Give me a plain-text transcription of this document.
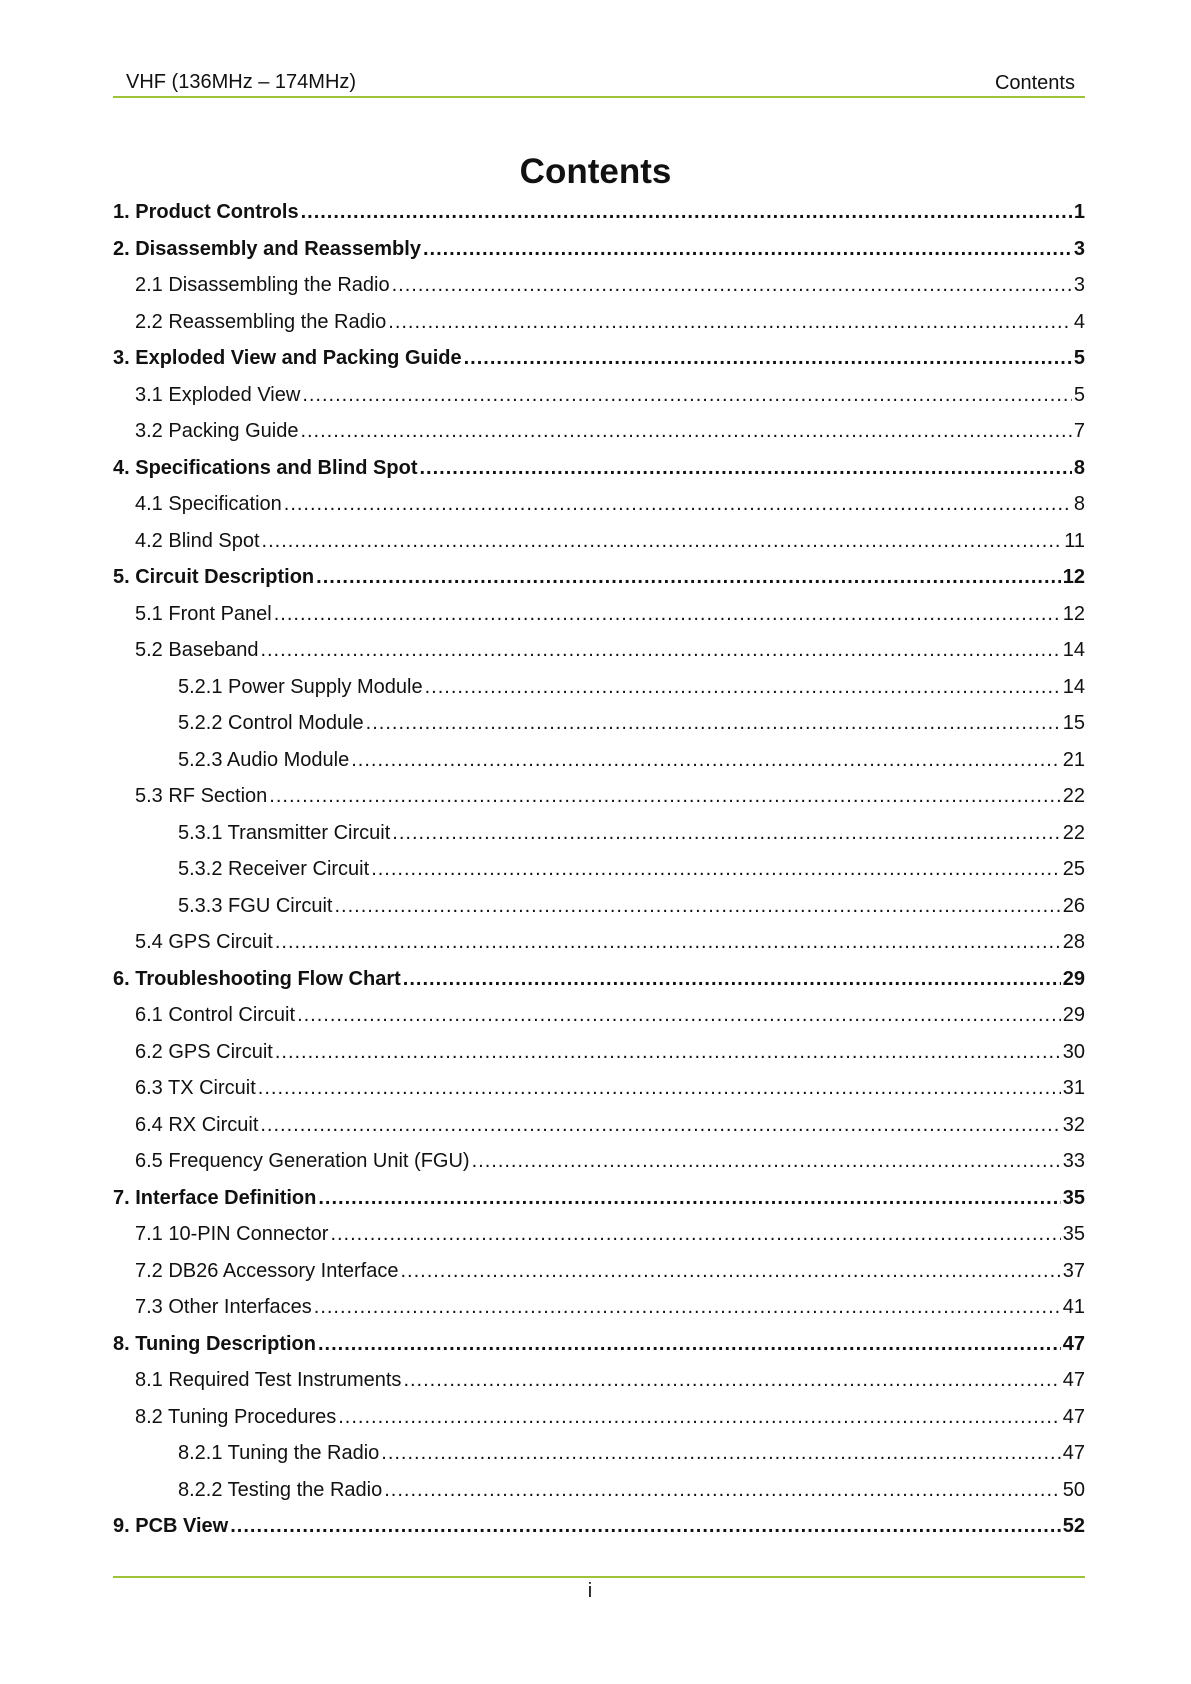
VHF (136MHz – 174MHz)	Contents
Contents
1. Product Controls .....	1
2. Disassembly and Reassembly .....	3
2.1 Disassembling the Radio .....	3
2.2 Reassembling the Radio .....	4
3. Exploded View and Packing Guide .....	5
3.1 Exploded View .....	5
3.2 Packing Guide .....	7
4. Specifications and Blind Spot .....	8
4.1 Specification .....	8
4.2 Blind Spot .....	11
5. Circuit Description .....	12
5.1 Front Panel .....	12
5.2 Baseband .....	14
5.2.1 Power Supply Module .....	14
5.2.2 Control Module .....	15
5.2.3 Audio Module .....	21
5.3 RF Section .....	22
5.3.1 Transmitter Circuit .....	22
5.3.2 Receiver Circuit .....	25
5.3.3 FGU Circuit .....	26
5.4 GPS Circuit .....	28
6. Troubleshooting Flow Chart .....	29
6.1 Control Circuit .....	29
6.2 GPS Circuit .....	30
6.3 TX Circuit .....	31
6.4 RX Circuit .....	32
6.5 Frequency Generation Unit (FGU) .....	33
7. Interface Definition .....	35
7.1 10-PIN Connector .....	35
7.2 DB26 Accessory Interface .....	37
7.3 Other Interfaces .....	41
8. Tuning Description .....	47
8.1 Required Test Instruments .....	47
8.2 Tuning Procedures .....	47
8.2.1 Tuning the Radio .....	47
8.2.2 Testing the Radio .....	50
9. PCB View .....	52
i
